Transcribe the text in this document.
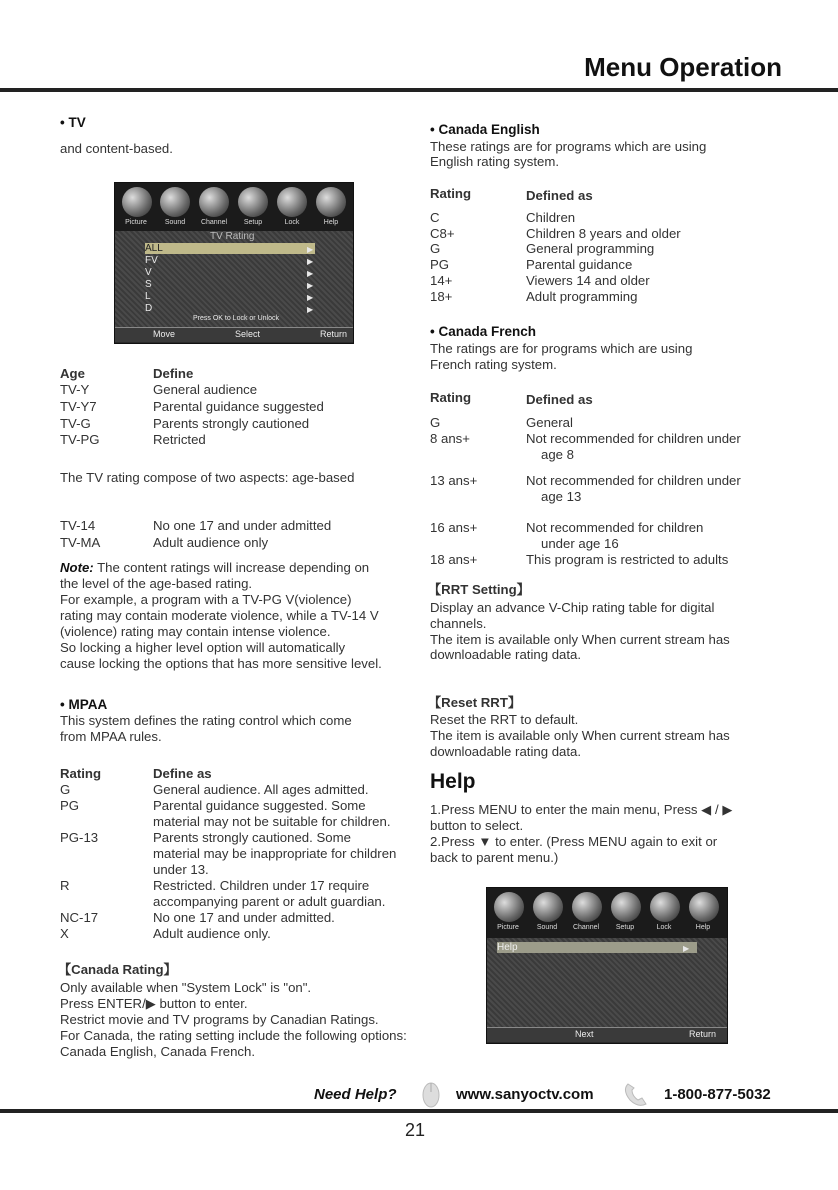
Menu Operation
• TV
and content-based.
Picture	Sound	Channel	Setup	Lock	Help
TV Rating
ALL
FV
V
S
L
D
▶
▶
▶
▶
▶
▶
Press OK to Lock or Unlock
Move	Select	Return
Age	Define
TV-Y	General audience
TV-Y7	Parental guidance suggested
TV-G	Parents strongly cautioned
TV-PG	Retricted
The TV rating compose of two aspects: age-based
TV-14	No one 17 and under admitted
TV-MA	Adult audience only
Note: The content ratings will increase depending on
the level of the age-based rating.
For example, a program with a TV-PG V(violence)
rating may contain moderate violence, while a TV-14 V
(violence) rating may contain intense violence.
So locking a higher level option will automatically
cause locking the options that has more sensitive level.
• MPAA
This system defines the rating control which come
from MPAA rules.
Rating	Define as
G	General audience. All ages admitted.
PG	Parental guidance suggested. Some
material may not be suitable for children.
PG-13	Parents strongly cautioned. Some
material may be inappropriate for children
under 13.
R	Restricted. Children under 17 require
accompanying parent or adult guardian.
NC-17	No one 17 and under admitted.
X	Adult audience only.
【Canada Rating】
Only available when "System Lock" is "on".
Press ENTER/▶ button to enter.
Restrict movie and TV programs by Canadian Ratings.
For Canada, the rating setting include the following options:
Canada English, Canada French.
• Canada English
These ratings are for programs which are using
English rating system.
Rating	Defined as
C	Children
C8+	Children 8 years and older
G	General programming
PG	Parental guidance
14+	Viewers 14 and older
18+	Adult programming
• Canada French
The ratings are for programs which are using
French rating system.
Rating	Defined as
G	General
8 ans+	Not recommended for children under
age 8
13 ans+	Not recommended for children under
age 13
16 ans+	Not recommended for children
under age 16
18 ans+	This program is restricted to adults
【RRT Setting】
Display an advance V-Chip rating table for digital
channels.
The item is available only When current stream has
downloadable rating data.
【Reset RRT】
Reset the RRT to default.
The item is available only When current stream has
downloadable rating data.
Help
1.Press MENU to enter the main menu, Press ◀ / ▶
button to select.
2.Press ▼ to enter. (Press MENU again to exit or
back to parent menu.)
Picture	Sound	Channel	Setup	Lock	Help
Help	▶
Next	Return
Need Help?	www.sanyoctv.com	1-800-877-5032
21
